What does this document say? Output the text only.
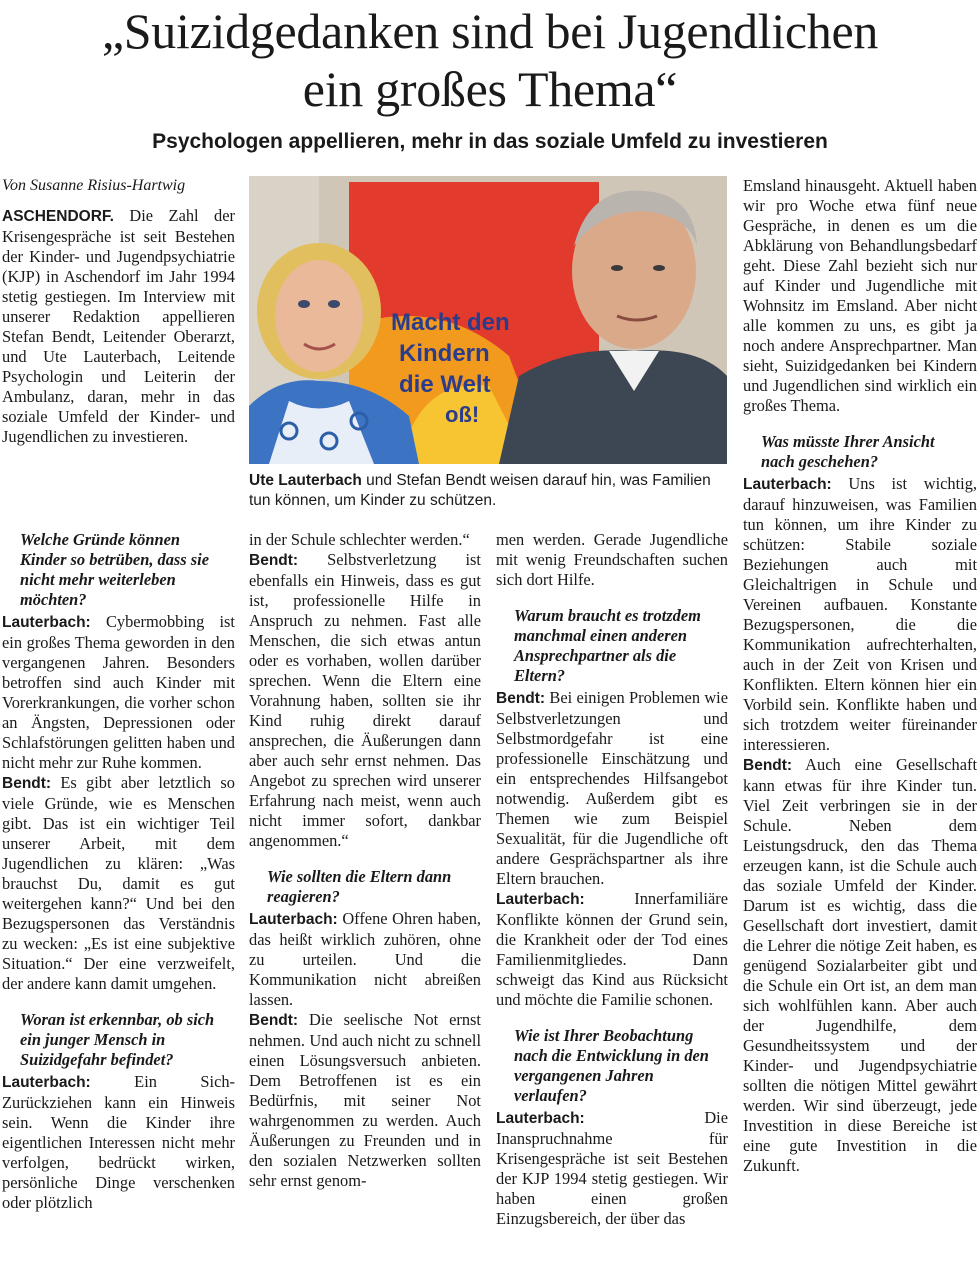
„Suizidgedanken sind bei Jugendlichen
ein großes Thema“
Psychologen appellieren, mehr in das soziale Umfeld zu investieren
Von Susanne Risius-Hartwig

ASCHENDORF. Die Zahl der Krisengespräche ist seit Bestehen der Kinder- und Jugendpsychiatrie (KJP) in Aschendorf im Jahr 1994 stetig gestiegen. Im Interview mit unserer Redaktion appellieren Stefan Bendt, Leitender Oberarzt, und Ute Lauterbach, Leitende Psychologin und Leiterin der Ambulanz, daran, mehr in das soziale Umfeld der Kinder- und Jugendlichen zu investieren.

Macht den
Kindern
die Welt
oß!
Ute Lauterbach und Stefan Bendt weisen darauf hin, was Familien tun können, um Kinder zu schützen.

Welche Gründe können Kinder so betrüben, dass sie nicht mehr weiterleben möchten?

Lauterbach: Cybermobbing ist ein großes Thema geworden in den vergangenen Jahren. Besonders betroffen sind auch Kinder mit Vorerkrankungen, die vorher schon an Ängsten, Depressionen oder Schlafstörungen gelitten haben und nicht mehr zur Ruhe kommen.

Bendt: Es gibt aber letztlich so viele Gründe, wie es Menschen gibt. Das ist ein wichtiger Teil unserer Arbeit, mit dem Jugendlichen zu klären: „Was brauchst Du, damit es gut weitergehen kann?“ Und bei den Bezugspersonen das Verständnis zu wecken: „Es ist eine subjektive Situation.“ Der eine verzweifelt, der andere kann damit umgehen.

Woran ist erkennbar, ob sich ein junger Mensch in Suizidgefahr befindet?

Lauterbach: Ein Sich-Zurückziehen kann ein Hinweis sein. Wenn die Kinder ihre eigentlichen Interessen nicht mehr verfolgen, bedrückt wirken, persönliche Dinge verschenken oder plötzlich

in der Schule schlechter werden.“

Bendt: Selbstverletzung ist ebenfalls ein Hinweis, dass es gut ist, professionelle Hilfe in Anspruch zu nehmen. Fast alle Menschen, die sich etwas antun oder es vorhaben, wollen darüber sprechen. Wenn die Eltern eine Vorahnung haben, sollten sie ihr Kind ruhig direkt darauf ansprechen, die Äußerungen dann aber auch sehr ernst nehmen. Das Angebot zu sprechen wird unserer Erfahrung nach meist, wenn auch nicht immer sofort, dankbar angenommen.“

Wie sollten die Eltern dann reagieren?

Lauterbach: Offene Ohren haben, das heißt wirklich zuhören, ohne zu urteilen. Und die Kommunikation nicht abreißen lassen.

Bendt: Die seelische Not ernst nehmen. Und auch nicht zu schnell einen Lösungsversuch anbieten. Dem Betroffenen ist es ein Bedürfnis, mit seiner Not wahrgenommen zu werden. Auch Äußerungen zu Freunden und in den sozialen Netzwerken sollten sehr ernst genom-

men werden. Gerade Jugendliche mit wenig Freundschaften suchen sich dort Hilfe.

Warum braucht es trotzdem manchmal einen anderen Ansprechpartner als die Eltern?

Bendt: Bei einigen Problemen wie Selbstverletzungen und Selbstmordgefahr ist eine professionelle Einschätzung und ein entsprechendes Hilfsangebot notwendig. Außerdem gibt es Themen wie zum Beispiel Sexualität, für die Jugendliche oft andere Gesprächspartner als ihre Eltern brauchen.

Lauterbach: Innerfamiliäre Konflikte können der Grund sein, die Krankheit oder der Tod eines Familienmitgliedes. Dann schweigt das Kind aus Rücksicht und möchte die Familie schonen.

Wie ist Ihrer Beobachtung nach die Entwicklung in den vergangenen Jahren verlaufen?

Lauterbach: Die Inanspruchnahme für Krisengespräche ist seit Bestehen der KJP 1994 stetig gestiegen. Wir haben einen großen Einzugsbereich, der über das

Emsland hinausgeht. Aktuell haben wir pro Woche etwa fünf neue Gespräche, in denen es um die Abklärung von Behandlungsbedarf geht. Diese Zahl bezieht sich nur auf Kinder und Jugendliche mit Wohnsitz im Emsland. Aber nicht alle kommen zu uns, es gibt ja noch andere Ansprechpartner. Man sieht, Suizidgedanken bei Kindern und Jugendlichen sind wirklich ein großes Thema.

Was müsste Ihrer Ansicht nach geschehen?

Lauterbach: Uns ist wichtig, darauf hinzuweisen, was Familien tun können, um ihre Kinder zu schützen: Stabile soziale Beziehungen auch mit Gleichaltrigen in Schule und Vereinen aufbauen. Konstante Bezugspersonen, die die Kommunikation aufrechterhalten, auch in der Zeit von Krisen und Konflikten. Eltern können hier ein Vorbild sein. Konflikte haben und sich trotzdem weiter füreinander interessieren.

Bendt: Auch eine Gesellschaft kann etwas für ihre Kinder tun. Viel Zeit verbringen sie in der Schule. Neben dem Leistungsdruck, den das Thema erzeugen kann, ist die Schule auch das soziale Umfeld der Kinder. Darum ist es wichtig, dass die Gesellschaft dort investiert, damit die Lehrer die nötige Zeit haben, es genügend Sozialarbeiter gibt und die Schule ein Ort ist, an dem man sich wohlfühlen kann. Aber auch der Jugendhilfe, dem Gesundheitssystem und der Kinder- und Jugendpsychiatrie sollten die nötigen Mittel gewährt werden. Wir sind überzeugt, jede Investition in diese Bereiche ist eine gute Investition in die Zukunft.
